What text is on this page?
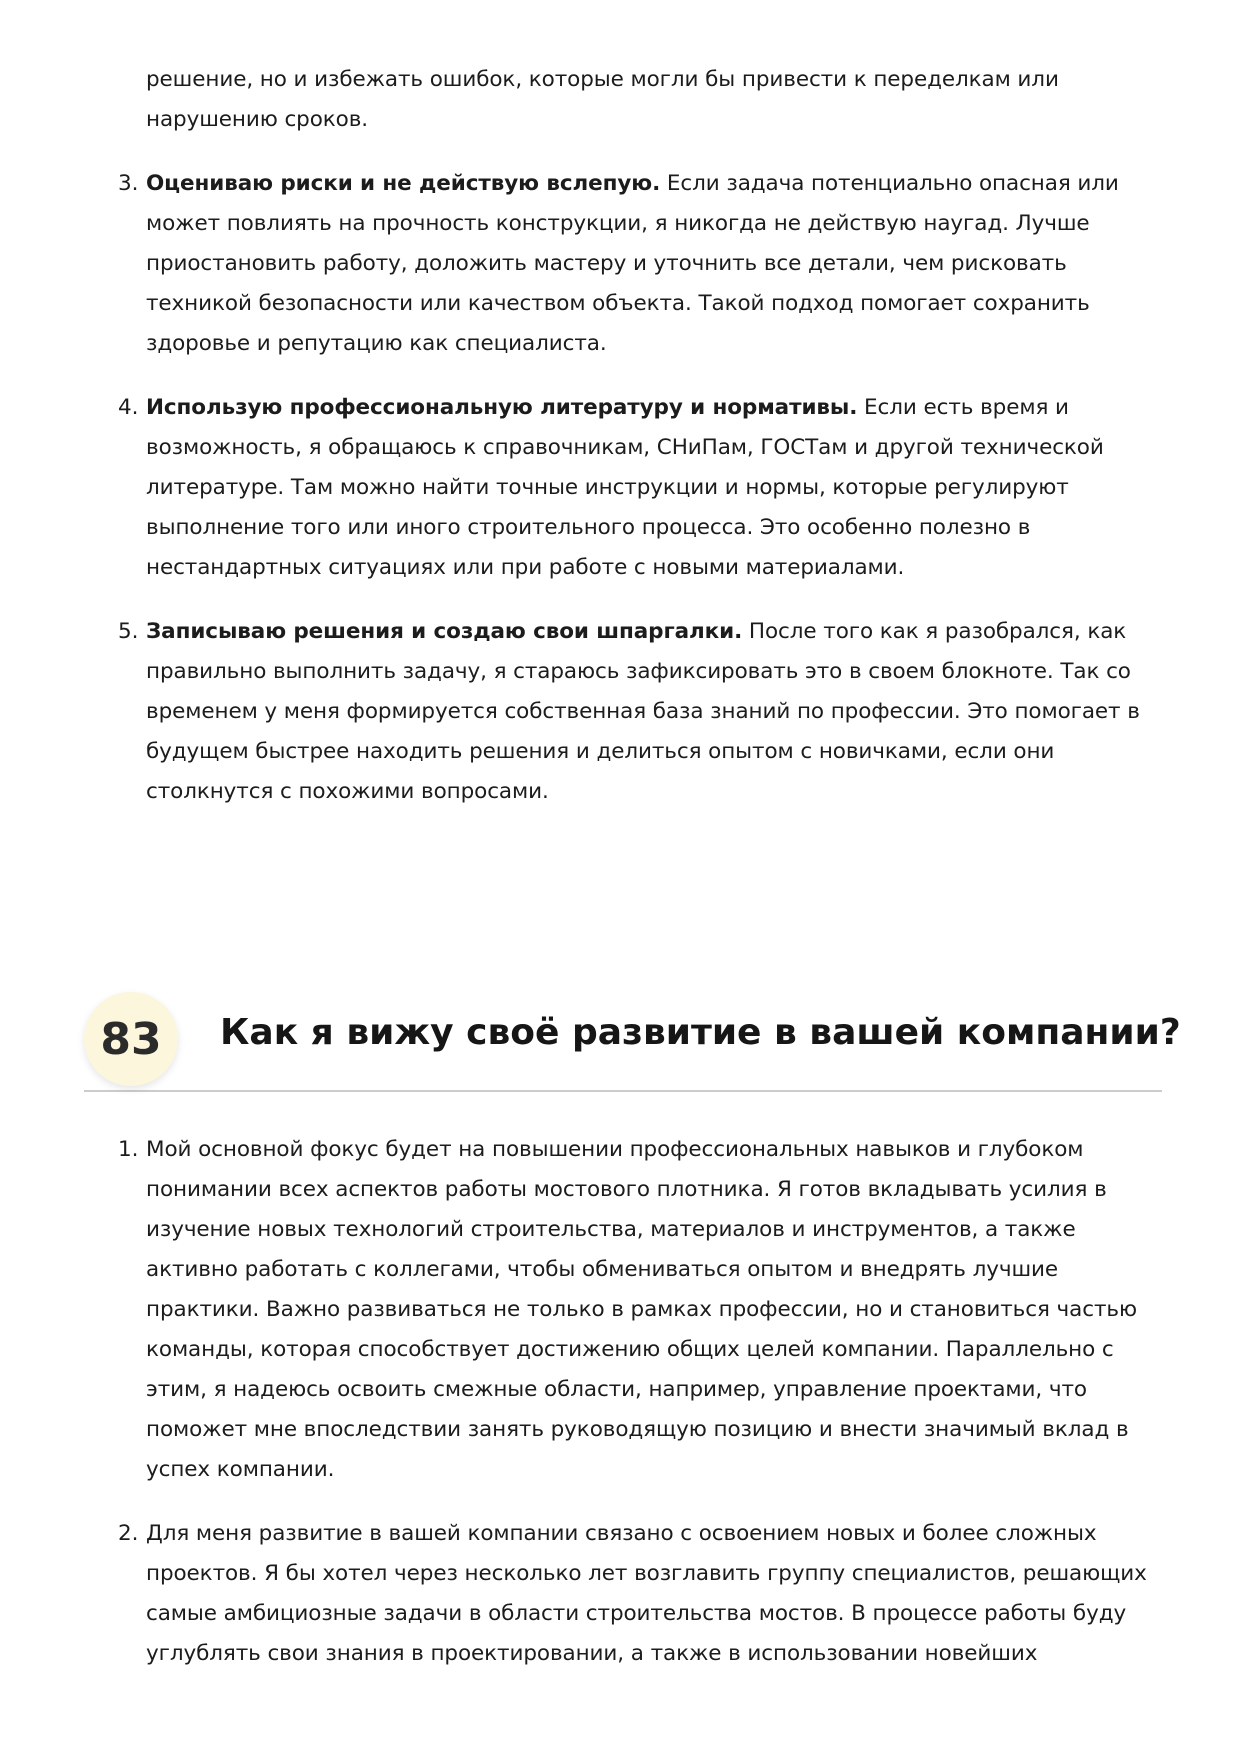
решение, но и избежать ошибок, которые могли бы привести к переделкам или нарушению сроков.

3. Оцениваю риски и не действую вслепую. Если задача потенциально опасная или может повлиять на прочность конструкции, я никогда не действую наугад. Лучше приостановить работу, доложить мастеру и уточнить все детали, чем рисковать техникой безопасности или качеством объекта. Такой подход помогает сохранить здоровье и репутацию как специалиста.

4. Использую профессиональную литературу и нормативы. Если есть время и возможность, я обращаюсь к справочникам, СНиПам, ГОСТам и другой технической литературе. Там можно найти точные инструкции и нормы, которые регулируют выполнение того или иного строительного процесса. Это особенно полезно в нестандартных ситуациях или при работе с новыми материалами.

5. Записываю решения и создаю свои шпаргалки. После того как я разобрался, как правильно выполнить задачу, я стараюсь зафиксировать это в своем блокноте. Так со временем у меня формируется собственная база знаний по профессии. Это помогает в будущем быстрее находить решения и делиться опытом с новичками, если они столкнутся с похожими вопросами.

83	Как я вижу своё развитие в вашей компании?

1. Мой основной фокус будет на повышении профессиональных навыков и глубоком понимании всех аспектов работы мостового плотника. Я готов вкладывать усилия в изучение новых технологий строительства, материалов и инструментов, а также активно работать с коллегами, чтобы обмениваться опытом и внедрять лучшие практики. Важно развиваться не только в рамках профессии, но и становиться частью команды, которая способствует достижению общих целей компании. Параллельно с этим, я надеюсь освоить смежные области, например, управление проектами, что поможет мне впоследствии занять руководящую позицию и внести значимый вклад в успех компании.

2. Для меня развитие в вашей компании связано с освоением новых и более сложных проектов. Я бы хотел через несколько лет возглавить группу специалистов, решающих самые амбициозные задачи в области строительства мостов. В процессе работы буду углублять свои знания в проектировании, а также в использовании новейших
